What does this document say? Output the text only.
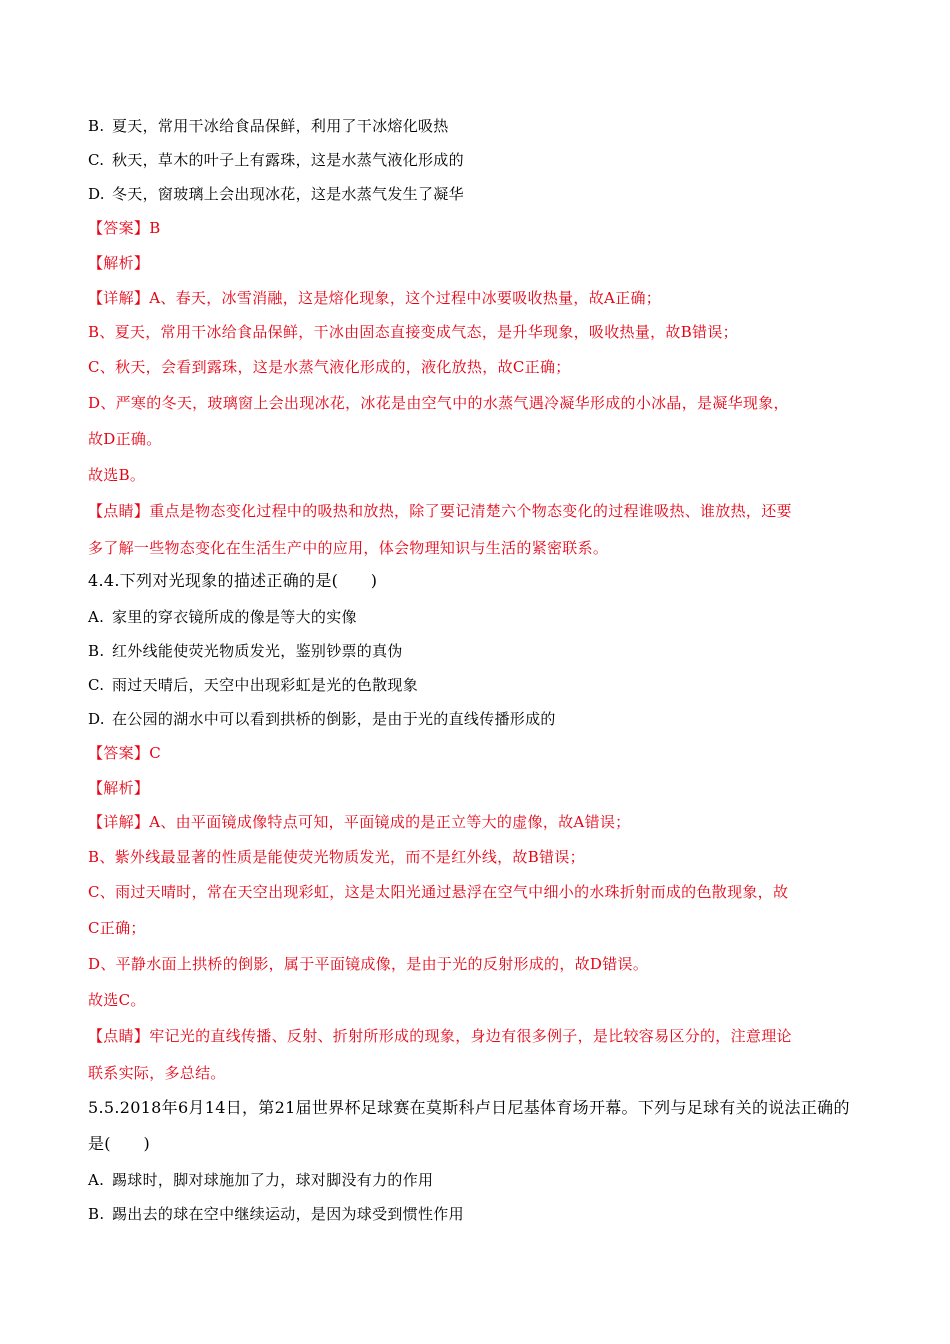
B. 夏天，常用干冰给食品保鲜，利用了干冰熔化吸热
C. 秋天，草木的叶子上有露珠，这是水蒸气液化形成的
D. 冬天，窗玻璃上会出现冰花，这是水蒸气发生了凝华
【答案】B
【解析】
【详解】A、春天，冰雪消融，这是熔化现象，这个过程中冰要吸收热量，故A正确；
B、夏天，常用干冰给食品保鲜，干冰由固态直接变成气态，是升华现象，吸收热量，故B错误；
C、秋天，会看到露珠，这是水蒸气液化形成的，液化放热，故C正确；
D、严寒的冬天，玻璃窗上会出现冰花，冰花是由空气中的水蒸气遇冷凝华形成的小冰晶，是凝华现象，
故D正确。
故选B。
【点睛】重点是物态变化过程中的吸热和放热，除了要记清楚六个物态变化的过程谁吸热、谁放热，还要
多了解一些物态变化在生活生产中的应用，体会物理知识与生活的紧密联系。
4.4.下列对光现象的描述正确的是(　　)
A. 家里的穿衣镜所成的像是等大的实像
B. 红外线能使荧光物质发光，鉴别钞票的真伪
C. 雨过天晴后，天空中出现彩虹是光的色散现象
D. 在公园的湖水中可以看到拱桥的倒影，是由于光的直线传播形成的
【答案】C
【解析】
【详解】A、由平面镜成像特点可知，平面镜成的是正立等大的虚像，故A错误；
B、紫外线最显著的性质是能使荧光物质发光，而不是红外线，故B错误；
C、雨过天晴时，常在天空出现彩虹，这是太阳光通过悬浮在空气中细小的水珠折射而成的色散现象，故
C正确；
D、平静水面上拱桥的倒影，属于平面镜成像，是由于光的反射形成的，故D错误。
故选C。
【点睛】牢记光的直线传播、反射、折射所形成的现象，身边有很多例子，是比较容易区分的，注意理论
联系实际，多总结。
5.5.2018年6月14日，第21届世界杯足球赛在莫斯科卢日尼基体育场开幕。下列与足球有关的说法正确的
是(　　)
A. 踢球时，脚对球施加了力，球对脚没有力的作用
B. 踢出去的球在空中继续运动，是因为球受到惯性作用
